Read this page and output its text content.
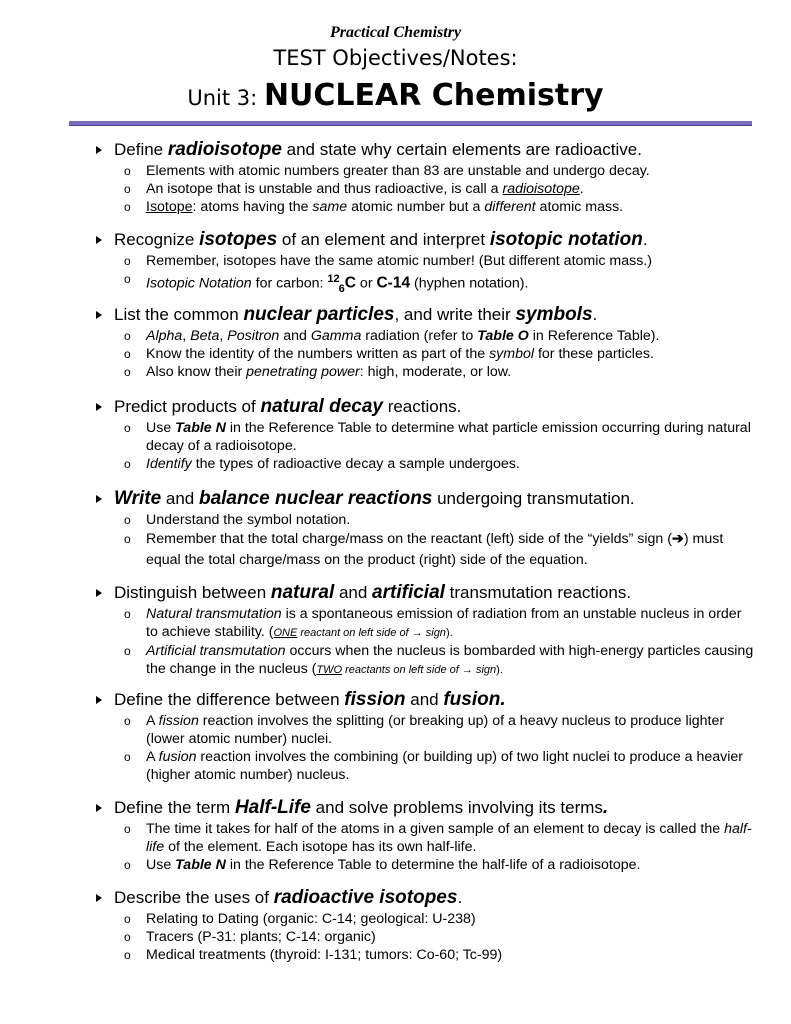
Practical Chemistry
TEST Objectives/Notes:
Unit 3: NUCLEAR Chemistry
Define radioisotope and state why certain elements are radioactive.
o Elements with atomic numbers greater than 83 are unstable and undergo decay.
o An isotope that is unstable and thus radioactive, is call a radioisotope.
o Isotope: atoms having the same atomic number but a different atomic mass.
Recognize isotopes of an element and interpret isotopic notation.
o Remember, isotopes have the same atomic number! (But different atomic mass.)
o Isotopic Notation for carbon: $^{12}_6$C or C-14 (hyphen notation).
List the common nuclear particles, and write their symbols.
o Alpha, Beta, Positron and Gamma radiation (refer to Table O in Reference Table).
o Know the identity of the numbers written as part of the symbol for these particles.
o Also know their penetrating power: high, moderate, or low.
Predict products of natural decay reactions.
o Use Table N in the Reference Table to determine what particle emission occurring during natural decay of a radioisotope.
o Identify the types of radioactive decay a sample undergoes.
Write and balance nuclear reactions undergoing transmutation.
o Understand the symbol notation.
o Remember that the total charge/mass on the reactant (left) side of the “yields” sign (➔) must equal the total charge/mass on the product (right) side of the equation.
Distinguish between natural and artificial transmutation reactions.
o Natural transmutation is a spontaneous emission of radiation from an unstable nucleus in order to achieve stability. (ONE reactant on left side of → sign).
o Artificial transmutation occurs when the nucleus is bombarded with high-energy particles causing the change in the nucleus (TWO reactants on left side of → sign).
Define the difference between fission and fusion.
o A fission reaction involves the splitting (or breaking up) of a heavy nucleus to produce lighter (lower atomic number) nuclei.
o A fusion reaction involves the combining (or building up) of two light nuclei to produce a heavier (higher atomic number) nucleus.
Define the term Half-Life and solve problems involving its terms.
o The time it takes for half of the atoms in a given sample of an element to decay is called the half-life of the element. Each isotope has its own half-life.
o Use Table N in the Reference Table to determine the half-life of a radioisotope.
Describe the uses of radioactive isotopes.
o Relating to Dating (organic: C-14; geological: U-238)
o Tracers (P-31: plants; C-14: organic)
o Medical treatments (thyroid: I-131; tumors: Co-60; Tc-99)
